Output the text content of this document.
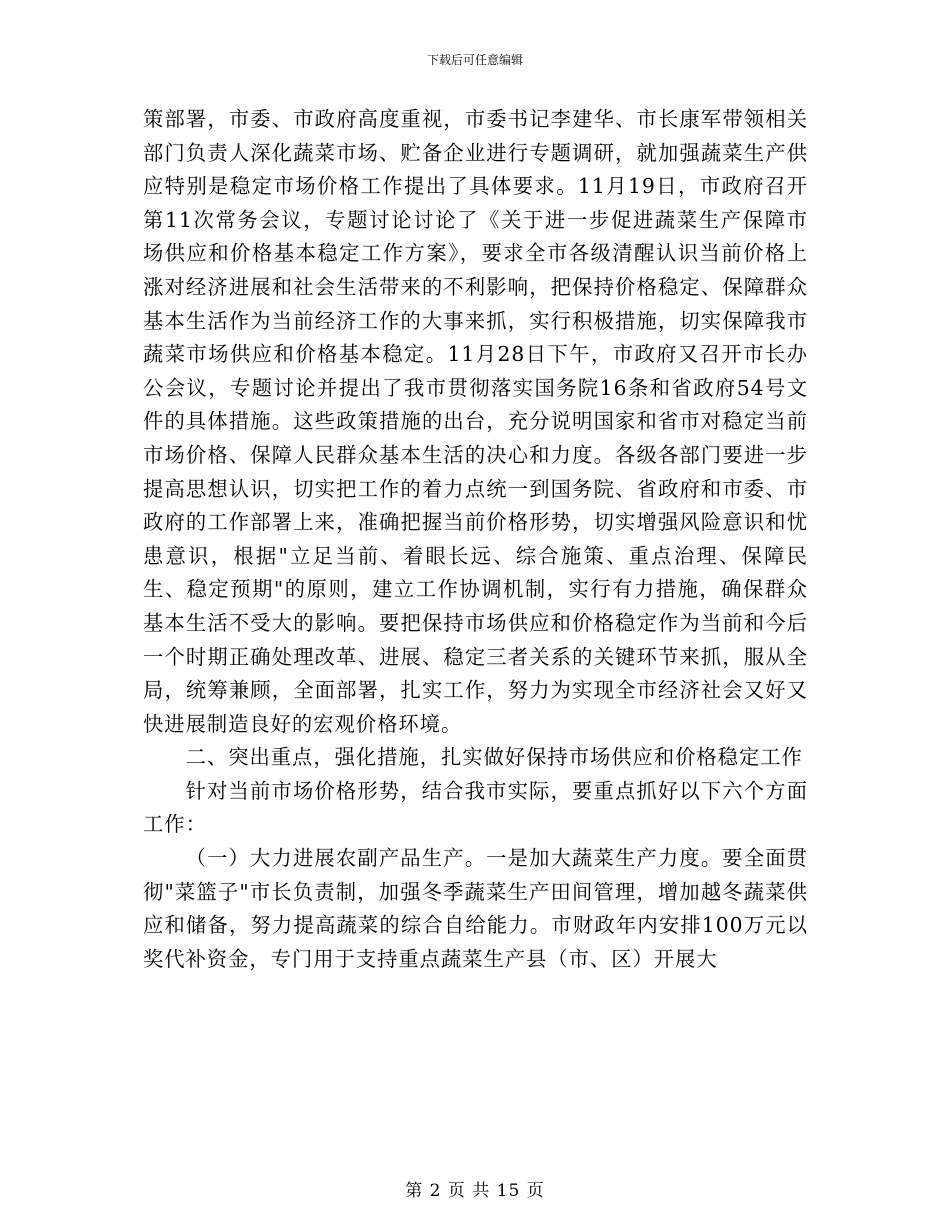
下载后可任意编辑

策部署，市委、市政府高度重视，市委书记李建华、市长康军带领相关部门负责人深化蔬菜市场、贮备企业进行专题调研，就加强蔬菜生产供应特别是稳定市场价格工作提出了具体要求。11月19日，市政府召开第11次常务会议，专题讨论讨论了《关于进一步促进蔬菜生产保障市场供应和价格基本稳定工作方案》，要求全市各级清醒认识当前价格上涨对经济进展和社会生活带来的不利影响，把保持价格稳定、保障群众基本生活作为当前经济工作的大事来抓，实行积极措施，切实保障我市蔬菜市场供应和价格基本稳定。11月28日下午，市政府又召开市长办公会议，专题讨论并提出了我市贯彻落实国务院16条和省政府54号文件的具体措施。这些政策措施的出台，充分说明国家和省市对稳定当前市场价格、保障人民群众基本生活的决心和力度。各级各部门要进一步提高思想认识，切实把工作的着力点统一到国务院、省政府和市委、市政府的工作部署上来，准确把握当前价格形势，切实增强风险意识和忧患意识，根据"立足当前、着眼长远、综合施策、重点治理、保障民生、稳定预期"的原则，建立工作协调机制，实行有力措施，确保群众基本生活不受大的影响。要把保持市场供应和价格稳定作为当前和今后一个时期正确处理改革、进展、稳定三者关系的关键环节来抓，服从全局，统筹兼顾，全面部署，扎实工作，努力为实现全市经济社会又好又快进展制造良好的宏观价格环境。

二、突出重点，强化措施，扎实做好保持市场供应和价格稳定工作

针对当前市场价格形势，结合我市实际，要重点抓好以下六个方面工作：

（一）大力进展农副产品生产。一是加大蔬菜生产力度。要全面贯彻"菜篮子"市长负责制，加强冬季蔬菜生产田间管理，增加越冬蔬菜供应和储备，努力提高蔬菜的综合自给能力。市财政年内安排100万元以奖代补资金，专门用于支持重点蔬菜生产县（市、区）开展大

第 2 页 共 15 页
